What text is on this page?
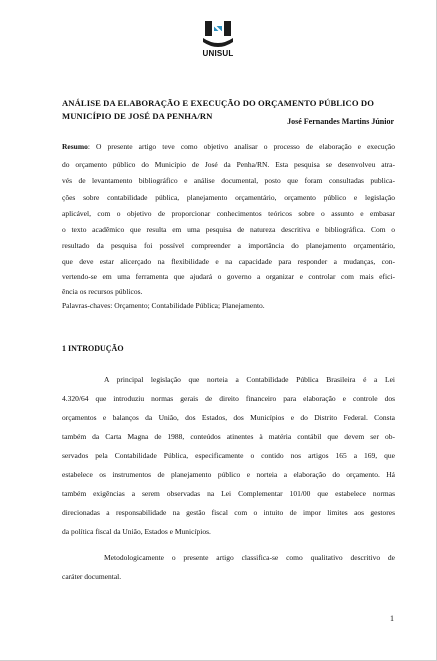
UNISUL
ANÁLISE DA ELABORAÇÃO E EXECUÇÃO DO ORÇAMENTO PÚBLICO DO MUNICÍPIO DE JOSÉ DA PENHA/RN
José Fernandes Martins Júnior
Resumo: O presente artigo teve como objetivo analisar o processo de elaboração e execução
do orçamento público do Município de José da Penha/RN. Esta pesquisa se desenvolveu atra-
vés de levantamento bibliográfico e análise documental, posto que foram consultadas publica-
ções sobre contabilidade pública, planejamento orçamentário, orçamento público e legislação
aplicável, com o objetivo de proporcionar conhecimentos teóricos sobre o assunto e embasar
o texto acadêmico que resulta em uma pesquisa de natureza descritiva e bibliográfica. Com o
resultado da pesquisa foi possível compreender a importância do planejamento orçamentário,
que deve estar alicerçado na flexibilidade e na capacidade para responder a mudanças, con-
vertendo-se em uma ferramenta que ajudará o governo a organizar e controlar com mais efici-
ência os recursos públicos.
Palavras-chaves: Orçamento; Contabilidade Pública; Planejamento.
1 INTRODUÇÃO
A principal legislação que norteia a Contabilidade Pública Brasileira é a Lei
4.320/64 que introduziu normas gerais de direito financeiro para elaboração e controle dos
orçamentos e balanços da União, dos Estados, dos Municípios e do Distrito Federal. Consta
também da Carta Magna de 1988, conteúdos atinentes à matéria contábil que devem ser ob-
servados pela Contabilidade Pública, especificamente o contido nos artigos 165 a 169, que
estabelece os instrumentos de planejamento público e norteia a elaboração do orçamento. Há
também exigências a serem observadas na Lei Complementar 101/00 que estabelece normas
direcionadas a responsabilidade na gestão fiscal com o intuito de impor limites aos gestores
da política fiscal da União, Estados e Municípios.
Metodologicamente o presente artigo classifica-se como qualitativo descritivo de
caráter documental.
1
